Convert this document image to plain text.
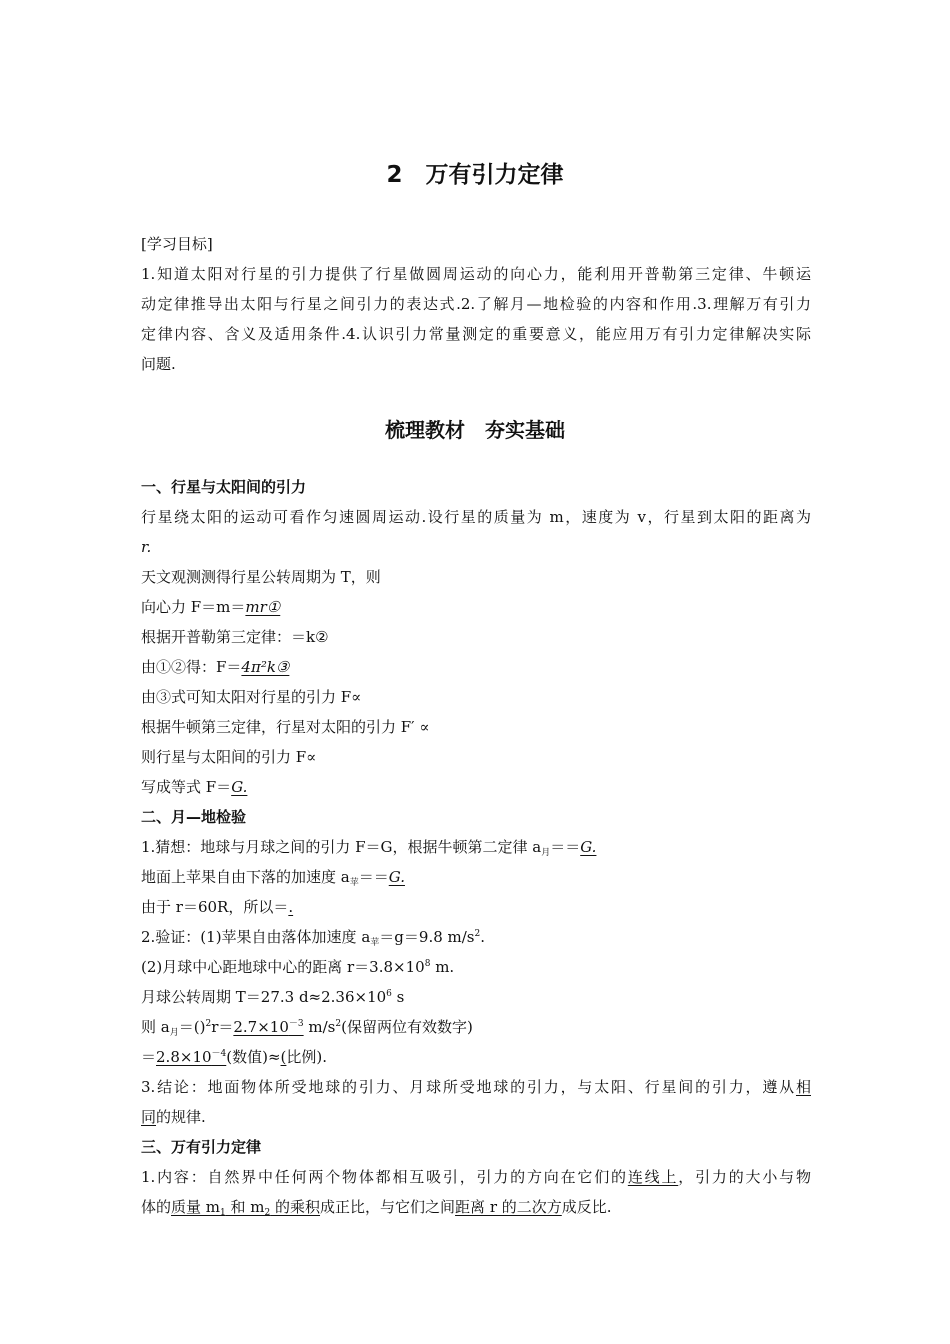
2　万有引力定律
[学习目标]
1.知道太阳对行星的引力提供了行星做圆周运动的向心力，能利用开普勒第三定律、牛顿运
动定律推导出太阳与行星之间引力的表达式.2.了解月—地检验的内容和作用.3.理解万有引力
定律内容、含义及适用条件.4.认识引力常量测定的重要意义，能应用万有引力定律解决实际
问题.
梳理教材　夯实基础
一、行星与太阳间的引力
行星绕太阳的运动可看作匀速圆周运动.设行星的质量为 m，速度为 v，行星到太阳的距离为
r.
天文观测测得行星公转周期为 T，则
向心力 F＝m＝mr①
根据开普勒第三定律：＝k②
由①②得：F＝4π²k③
由③式可知太阳对行星的引力 F∝
根据牛顿第三定律，行星对太阳的引力 F′ ∝
则行星与太阳间的引力 F∝
写成等式 F＝G.
二、月—地检验
1.猜想：地球与月球之间的引力 F＝G，根据牛顿第二定律 $a_月==G$.
地面上苹果自由下落的加速度 $a_苹==G$.
由于 r＝60R，所以＝.
2.验证：(1)苹果自由落体加速度 $a_苹=g=9.8$ $m/s^2$.
(2)月球中心距地球中心的距离 $r=3.8\times 10^8$ m.
月球公转周期 T＝27.3 $d\approx 2.36\times 10^6$ s
则 $a_月=()^2r=2.7\times 10^{-3}$ $m/s^2$(保留两位有效数字)
$=2.8\times 10^{-4}$(数值)≈(比例).
3.结论：地面物体所受地球的引力、月球所受地球的引力，与太阳、行星间的引力，遵从相
同的规律.
三、万有引力定律
1.内容：自然界中任何两个物体都相互吸引，引力的方向在它们的连线上，引力的大小与物
体的质量 $m_1$ 和 $m_2$ 的乘积成正比，与它们之间距离 r 的二次方成反比.
